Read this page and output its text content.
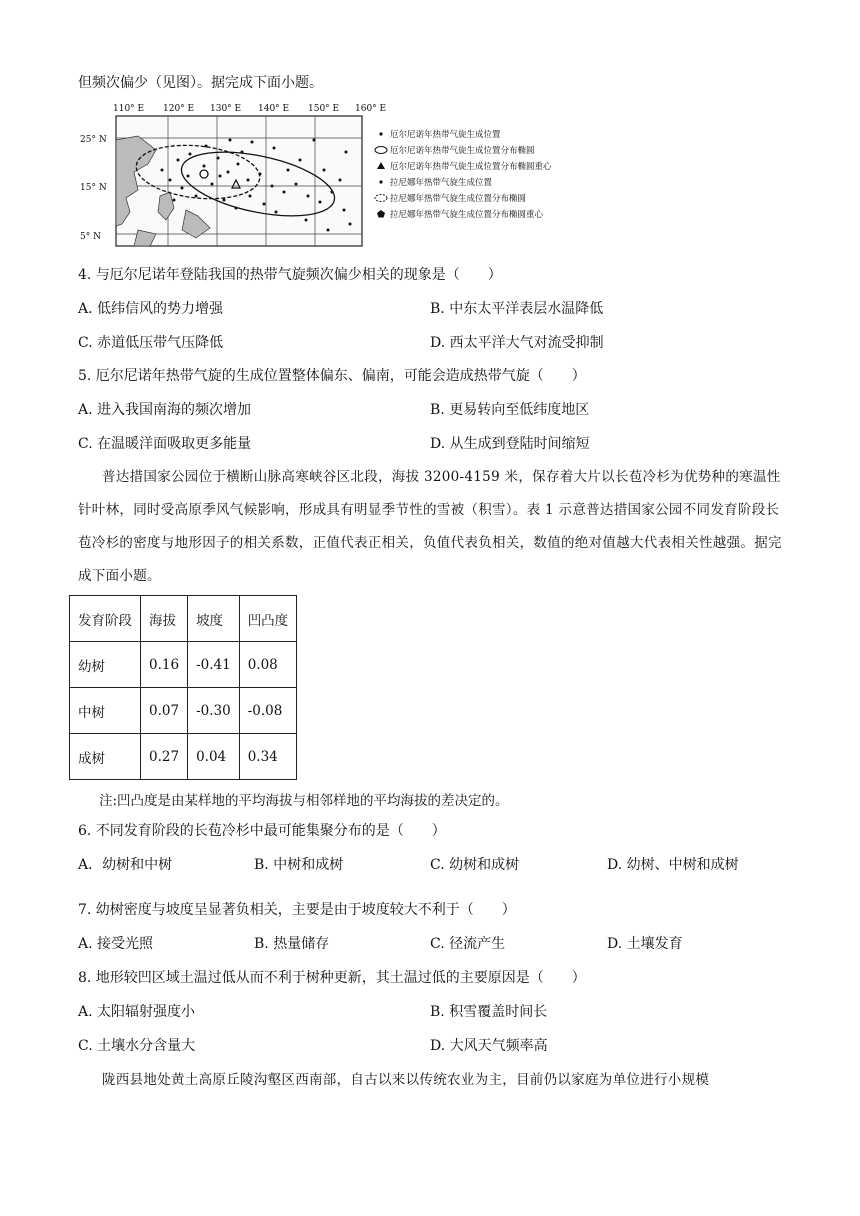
但频次偏少（见图）。据完成下面小题。
110° E 120° E 130° E 140° E 150° E 160° E
25° N
15° N
5° N
厄尔尼诺年热带气旋生成位置
厄尔尼诺年热带气旋生成位置分布椭圆
厄尔尼诺年热带气旋生成位置分布椭圆重心
拉尼娜年热带气旋生成位置
拉尼娜年热带气旋生成位置分布椭圆
拉尼娜年热带气旋生成位置分布椭圆重心
4. 与厄尔尼诺年登陆我国的热带气旋频次偏少相关的现象是（　　）
A. 低纬信风的势力增强	B. 中东太平洋表层水温降低
C. 赤道低压带气压降低	D. 西太平洋大气对流受抑制
5. 厄尔尼诺年热带气旋的生成位置整体偏东、偏南，可能会造成热带气旋（　　）
A. 进入我国南海的频次增加	B. 更易转向至低纬度地区
C. 在温暖洋面吸取更多能量	D. 从生成到登陆时间缩短
普达措国家公园位于横断山脉高寒峡谷区北段，海拔 3200-4159 米，保存着大片以长苞冷杉为优势种的寒温性针叶林，同时受高原季风气候影响，形成具有明显季节性的雪被（积雪）。表 1 示意普达措国家公园不同发育阶段长苞冷杉的密度与地形因子的相关系数，正值代表正相关，负值代表负相关，数值的绝对值越大代表相关性越强。据完成下面小题。
发育阶段	海拔	坡度	凹凸度
幼树	0.16	-0.41	0.08
中树	0.07	-0.30	-0.08
成树	0.27	0.04	0.34
注:凹凸度是由某样地的平均海拔与相邻样地的平均海拔的差决定的。
6. 不同发育阶段的长苞冷杉中最可能集聚分布的是（　　）
A．幼树和中树	B. 中树和成树	C. 幼树和成树	D. 幼树、中树和成树
7. 幼树密度与坡度呈显著负相关，主要是由于坡度较大不利于（　　）
A. 接受光照	B. 热量储存	C. 径流产生	D. 土壤发育
8. 地形较凹区域土温过低从而不利于树种更新，其土温过低的主要原因是（　　）
A. 太阳辐射强度小	B. 积雪覆盖时间长
C. 土壤水分含量大	D. 大风天气频率高
陇西县地处黄土高原丘陵沟壑区西南部，自古以来以传统农业为主，目前仍以家庭为单位进行小规模
